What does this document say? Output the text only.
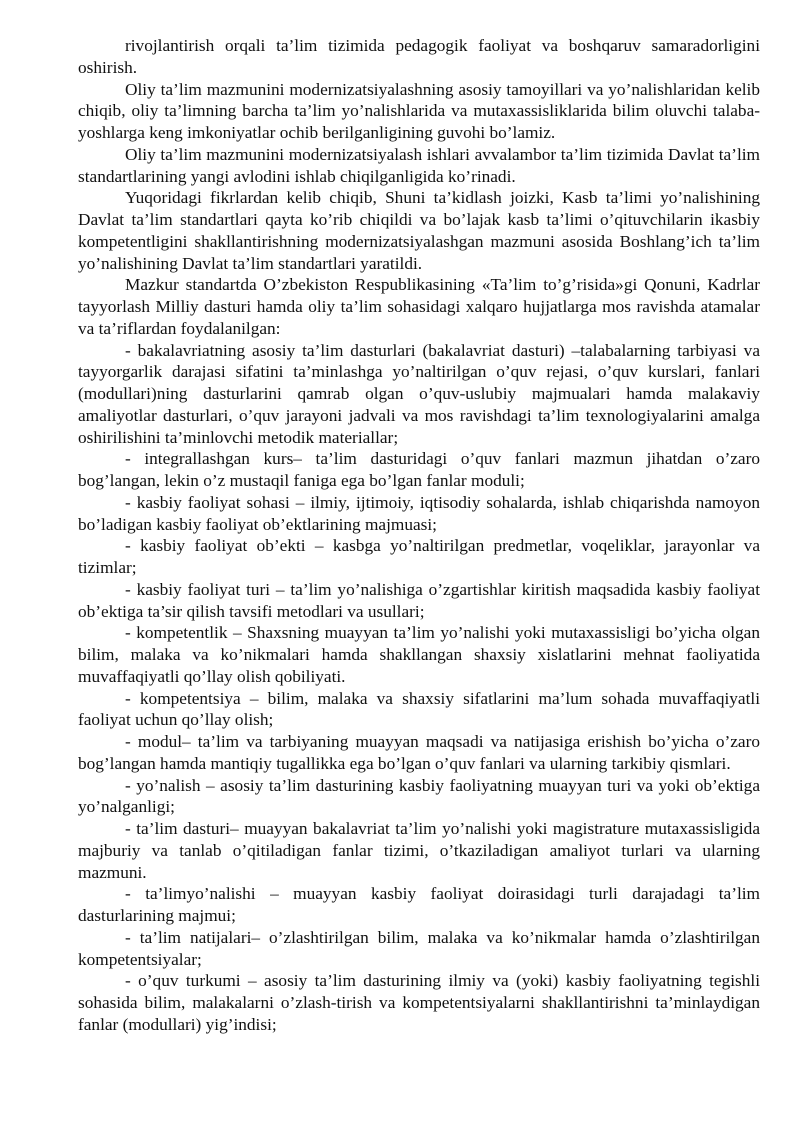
rivojlantirish orqali ta’lim tizimida pedagogik faoliyat va boshqaruv samaradorligini oshirish.

Oliy ta’lim mazmunini modernizatsiyalashning asosiy tamoyillari va yo’nalishlaridan kelib chiqib, oliy ta’limning barcha ta’lim yo’nalishlarida va mutaxassisliklarida bilim oluvchi talaba-yoshlarga keng imkoniyatlar ochib berilganligining guvohi bo’lamiz.

Oliy ta’lim mazmunini modernizatsiyalash ishlari avvalambor ta’lim tizimida Davlat ta’lim standartlarining yangi avlodini ishlab chiqilganligida ko’rinadi.

Yuqoridagi fikrlardan kelib chiqib, Shuni ta’kidlash joizki, Kasb ta’limi yo’nalishining Davlat ta’lim standartlari qayta ko’rib chiqildi va bo’lajak kasb ta’limi o’qituvchilarin ikasbiy kompetentligini shakllantirishning modernizatsiyalashgan mazmuni asosida Boshlang’ich ta’lim yo’nalishining Davlat ta’lim standartlari yaratildi.

Mazkur standartda O’zbekiston Respublikasining «Ta’lim to’g’risida»gi Qonuni, Kadrlar tayyorlash Milliy dasturi hamda oliy ta’lim sohasidagi xalqaro hujjatlarga mos ravishda atamalar va ta’riflardan foydalanilgan:

- bakalavriatning asosiy ta’lim dasturlari (bakalavriat dasturi) –talabalarning tarbiyasi va tayyorgarlik darajasi sifatini ta’minlashga yo’naltirilgan o’quv rejasi, o’quv kurslari, fanlari (modullari)ning dasturlarini qamrab olgan o’quv-uslubiy majmualari hamda malakaviy amaliyotlar dasturlari, o’quv jarayoni jadvali va mos ravishdagi ta’lim texnologiyalarini amalga oshirilishini ta’minlovchi metodik materiallar;

- integrallashgan kurs– ta’lim dasturidagi o’quv fanlari mazmun jihatdan o’zaro bog’langan, lekin o’z mustaqil faniga ega bo’lgan fanlar moduli;

- kasbiy faoliyat sohasi – ilmiy, ijtimoiy, iqtisodiy sohalarda, ishlab chiqarishda namoyon bo’ladigan kasbiy faoliyat ob’ektlarining majmuasi;

- kasbiy faoliyat ob’ekti – kasbga yo’naltirilgan predmetlar, voqeliklar, jarayonlar va tizimlar;

- kasbiy faoliyat turi – ta’lim yo’nalishiga o’zgartishlar kiritish maqsadida kasbiy faoliyat ob’ektiga ta’sir qilish tavsifi metodlari va usullari;

- kompetentlik – Shaxsning muayyan ta’lim yo’nalishi yoki mutaxassisligi bo’yicha olgan bilim, malaka va ko’nikmalari hamda shakllangan shaxsiy xislatlarini mehnat faoliyatida muvaffaqiyatli qo’llay olish qobiliyati.

- kompetentsiya – bilim, malaka va shaxsiy sifatlarini ma’lum sohada muvaffaqiyatli faoliyat uchun qo’llay olish;

- modul– ta’lim va tarbiyaning muayyan maqsadi va natijasiga erishish bo’yicha o’zaro bog’langan hamda mantiqiy tugallikka ega bo’lgan o’quv fanlari va ularning tarkibiy qismlari.

- yo’nalish – asosiy ta’lim dasturining kasbiy faoliyatning muayyan turi va yoki ob’ektiga yo’nalganligi;

- ta’lim dasturi– muayyan bakalavriat ta’lim yo’nalishi yoki magistrature mutaxassisligida majburiy va tanlab o’qitiladigan fanlar tizimi, o’tkaziladigan amaliyot turlari va ularning mazmuni.

- ta’limyo’nalishi – muayyan kasbiy faoliyat doirasidagi turli darajadagi ta’lim dasturlarining majmui;

- ta’lim natijalari– o’zlashtirilgan bilim, malaka va ko’nikmalar hamda o’zlashtirilgan kompetentsiyalar;

- o’quv turkumi – asosiy ta’lim dasturining ilmiy va (yoki) kasbiy faoliyatning tegishli sohasida bilim, malakalarni o’zlash-tirish va kompetentsiyalarni shakllantirishni ta’minlaydigan fanlar (modullari) yig’indisi;
